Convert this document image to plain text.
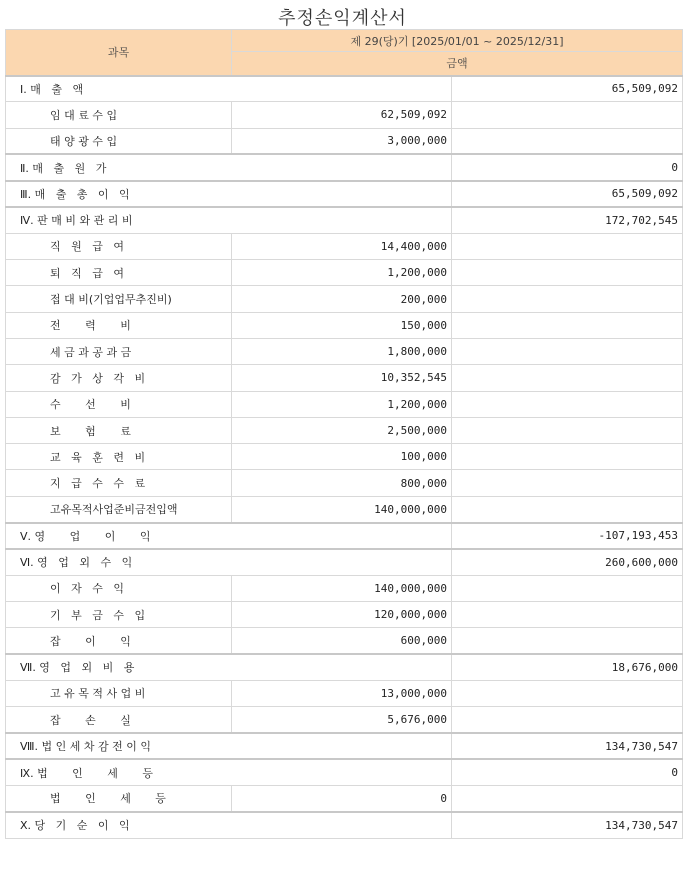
추정손익계산서
과목	제 29(당)기 [2025/01/01 ~ 2025/12/31]	
	금액	
Ⅰ. 매   출   액		65,509,092
임 대 료 수 입	62,509,092	
태 양 광 수 입	3,000,000	
Ⅱ. 매   출   원   가		0
Ⅲ. 매   출   총   이   익		65,509,092
Ⅳ. 판 매 비 와 관 리 비		172,702,545
직   원   급   여	14,400,000	
퇴   직   급   여	1,200,000	
접 대 비(기업업무추진비)	200,000	
전       력       비	150,000	
세 금 과 공 과 금	1,800,000	
감   가   상   각   비	10,352,545	
수       선       비	1,200,000	
보       험       료	2,500,000	
교   육   훈   련   비	100,000	
지   급   수   수   료	800,000	
고유목적사업준비금전입액	140,000,000	
Ⅴ. 영       업       이       익		-107,193,453
Ⅵ. 영   업   외   수   익		260,600,000
이   자   수   익	140,000,000	
기   부   금   수   입	120,000,000	
잡       이       익	600,000	
Ⅶ. 영   업   외   비   용		18,676,000
고 유 목 적 사 업 비	13,000,000	
잡       손       실	5,676,000	
Ⅷ. 법 인 세 차 감 전 이 익		134,730,547
Ⅸ. 법       인       세       등		0
법       인       세       등	0	
Ⅹ. 당   기   순   이   익		134,730,547
